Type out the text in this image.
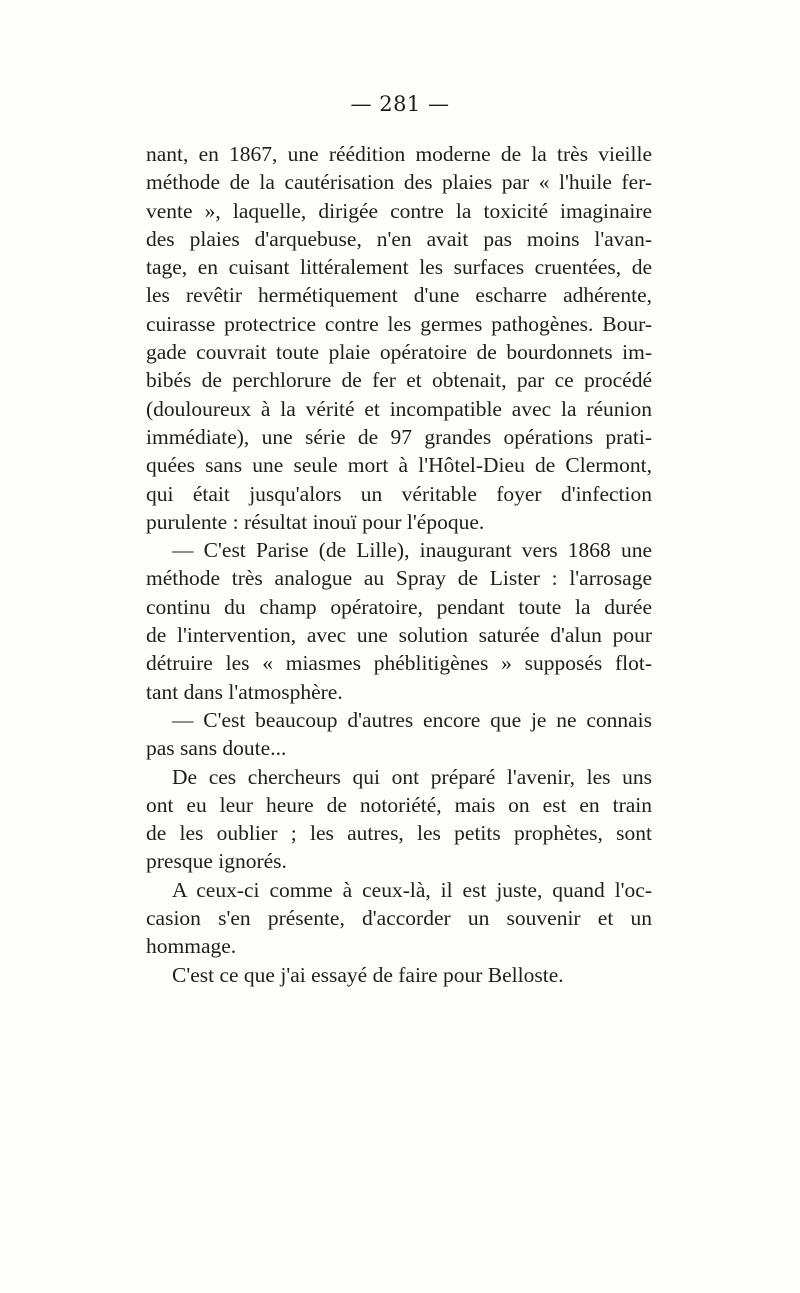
— 281 —
nant, en 1867, une réédition moderne de la très vieille
méthode de la cautérisation des plaies par « l'huile fer-
vente », laquelle, dirigée contre la toxicité imaginaire
des plaies d'arquebuse, n'en avait pas moins l'avan-
tage, en cuisant littéralement les surfaces cruentées, de
les revêtir hermétiquement d'une escharre adhérente,
cuirasse protectrice contre les germes pathogènes. Bour-
gade couvrait toute plaie opératoire de bourdonnets im-
bibés de perchlorure de fer et obtenait, par ce procédé
(douloureux à la vérité et incompatible avec la réunion
immédiate), une série de 97 grandes opérations prati-
quées sans une seule mort à l'Hôtel-Dieu de Clermont,
qui était jusqu'alors un véritable foyer d'infection
purulente : résultat inouï pour l'époque.
— C'est Parise (de Lille), inaugurant vers 1868 une
méthode très analogue au Spray de Lister : l'arrosage
continu du champ opératoire, pendant toute la durée
de l'intervention, avec une solution saturée d'alun pour
détruire les « miasmes phéblitigènes » supposés flot-
tant dans l'atmosphère.
— C'est beaucoup d'autres encore que je ne connais
pas sans doute...
De ces chercheurs qui ont préparé l'avenir, les uns
ont eu leur heure de notoriété, mais on est en train
de les oublier ; les autres, les petits prophètes, sont
presque ignorés.
A ceux-ci comme à ceux-là, il est juste, quand l'oc-
casion s'en présente, d'accorder un souvenir et un
hommage.
C'est ce que j'ai essayé de faire pour Belloste.
